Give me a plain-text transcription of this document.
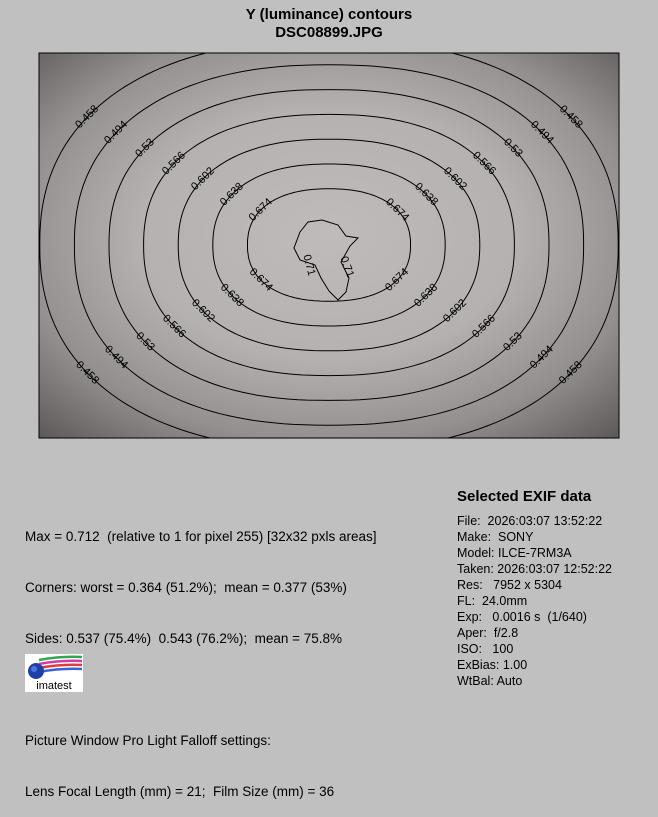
Y (luminance) contours
DSC08899.JPG
0.458
0.458
0.458
0.458
0.494
0.494
0.494
0.494
0.53
0.53
0.53
0.53
0.566
0.566
0.566
0.566
0.602
0.602
0.602
0.602
0.638
0.638
0.638
0.638
0.674
0.674
0.674
0.674
0.71 0.71

Max = 0.712  (relative to 1 for pixel 255) [32x32 pxls areas]

Corners: worst = 0.364 (51.2%);  mean = 0.377 (53%)

Sides: 0.537 (75.4%)  0.543 (76.2%);  mean = 75.8%

Picture Window Pro Light Falloff settings:

Lens Focal Length (mm) = 21;  Film Size (mm) = 36

Selected EXIF data
File:  2026:03:07 13:52:22
Make:  SONY
Model: ILCE-7RM3A
Taken: 2026:03:07 12:52:22
Res:   7952 x 5304
FL:  24.0mm
Exp:   0.0016 s  (1/640)
Aper:  f/2.8
ISO:   100
ExBias: 1.00
WtBal: Auto
imatest
